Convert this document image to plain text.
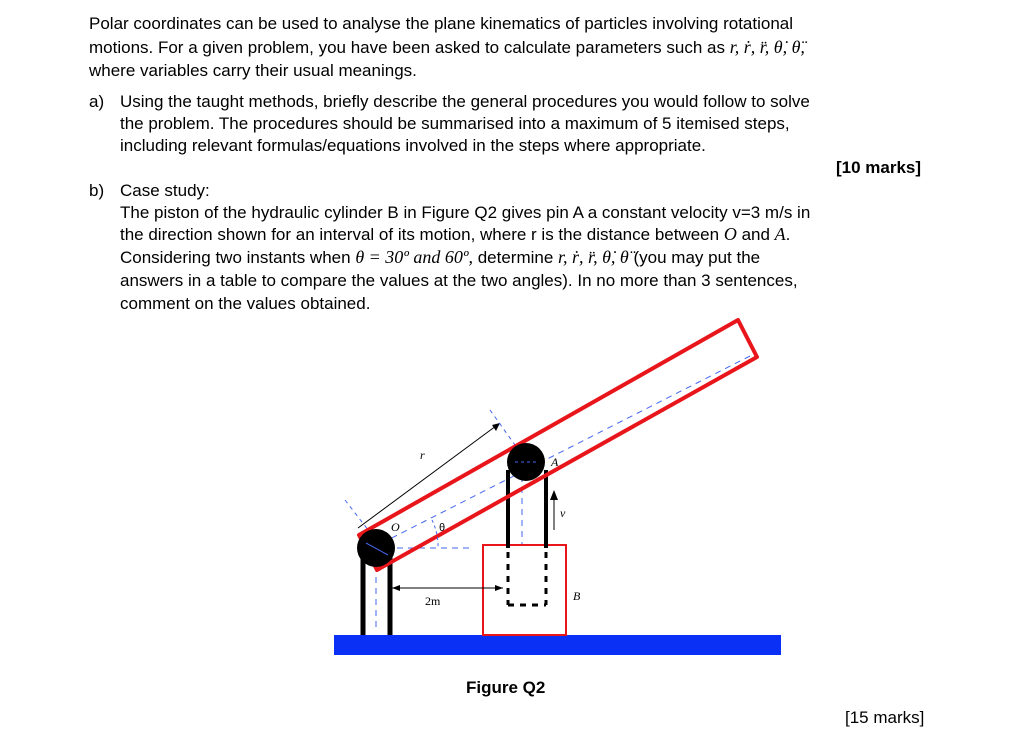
Polar coordinates can be used to analyse the plane kinematics of particles involving rotational
motions. For a given problem, you have been asked to calculate parameters such as r, ṙ, r̈, θ̇, θ̈,
where variables carry their usual meanings.
a) Using the taught methods, briefly describe the general procedures you would follow to solve
the problem. The procedures should be summarised into a maximum of 5 itemised steps,
including relevant formulas/equations involved in the steps where appropriate.
[10 marks]
b) Case study:
The piston of the hydraulic cylinder B in Figure Q2 gives pin A a constant velocity v=3 m/s in
the direction shown for an interval of its motion, where r is the distance between O and A.
Considering two instants when θ = 30º and 60º, determine r, ṙ, r̈, θ̇, θ̈ (you may put the
answers in a table to compare the values at the two angles). In no more than 3 sentences,
comment on the values obtained.
r	A
O
v
B
θ
2m
Figure Q2
[15 marks]
